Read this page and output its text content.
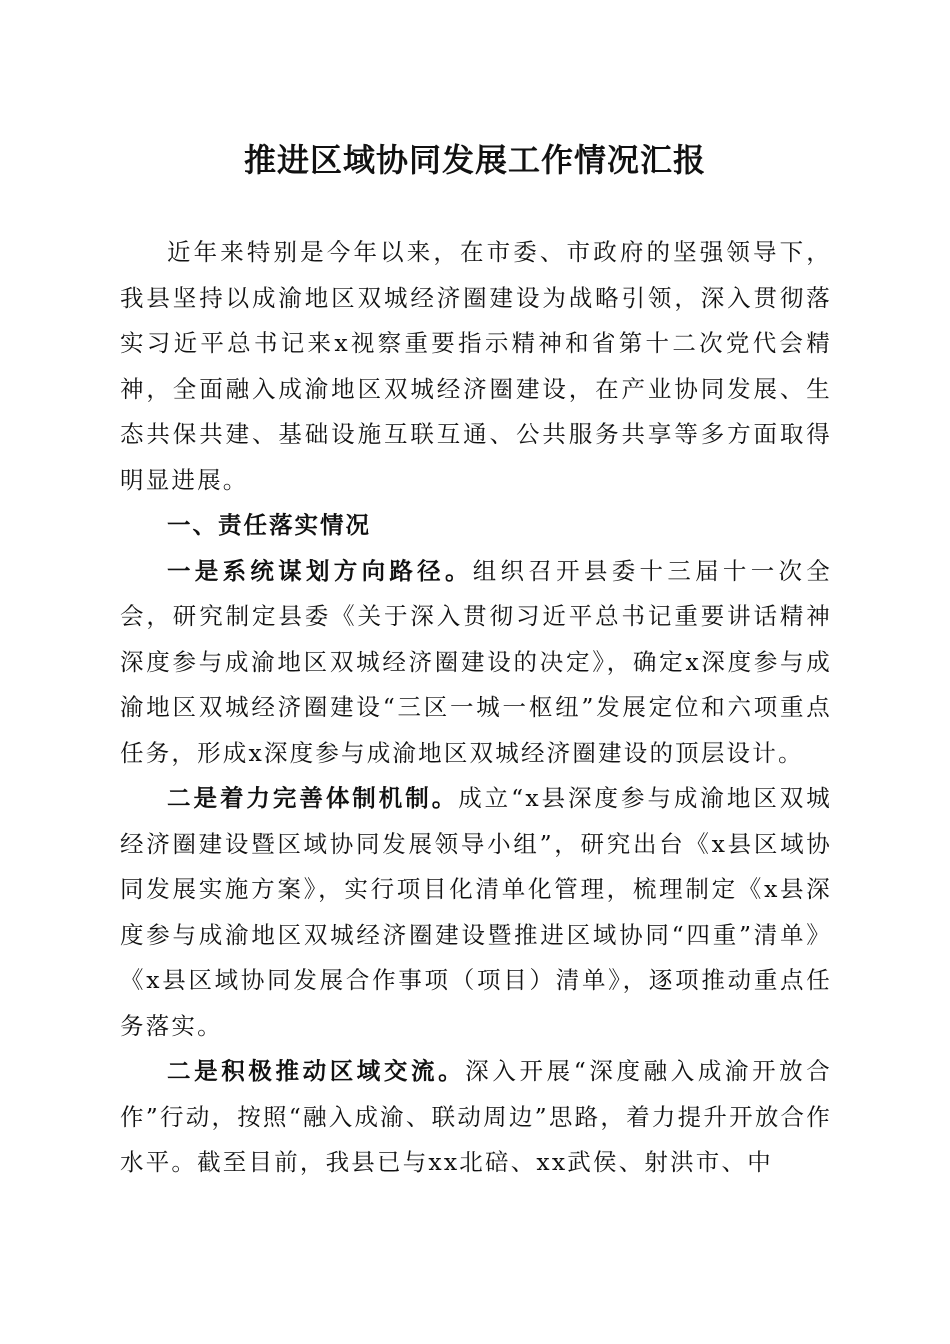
推进区域协同发展工作情况汇报

近年来特别是今年以来，在市委、市政府的坚强领导下，我县坚持以成渝地区双城经济圈建设为战略引领，深入贯彻落实习近平总书记来x视察重要指示精神和省第十二次党代会精神，全面融入成渝地区双城经济圈建设，在产业协同发展、生态共保共建、基础设施互联互通、公共服务共享等多方面取得明显进展。

一、责任落实情况

一是系统谋划方向路径。组织召开县委十三届十一次全会，研究制定县委《关于深入贯彻习近平总书记重要讲话精神深度参与成渝地区双城经济圈建设的决定》，确定x深度参与成渝地区双城经济圈建设“三区一城一枢纽”发展定位和六项重点任务，形成x深度参与成渝地区双城经济圈建设的顶层设计。

二是着力完善体制机制。成立“x县深度参与成渝地区双城经济圈建设暨区域协同发展领导小组”，研究出台《x县区域协同发展实施方案》，实行项目化清单化管理，梳理制定《x县深度参与成渝地区双城经济圈建设暨推进区域协同“四重”清单》《x县区域协同发展合作事项（项目）清单》，逐项推动重点任务落实。

二是积极推动区域交流。深入开展“深度融入成渝开放合作”行动，按照“融入成渝、联动周边”思路，着力提升开放合作水平。截至目前，我县已与xx北碚、xx武侯、射洪市、中
